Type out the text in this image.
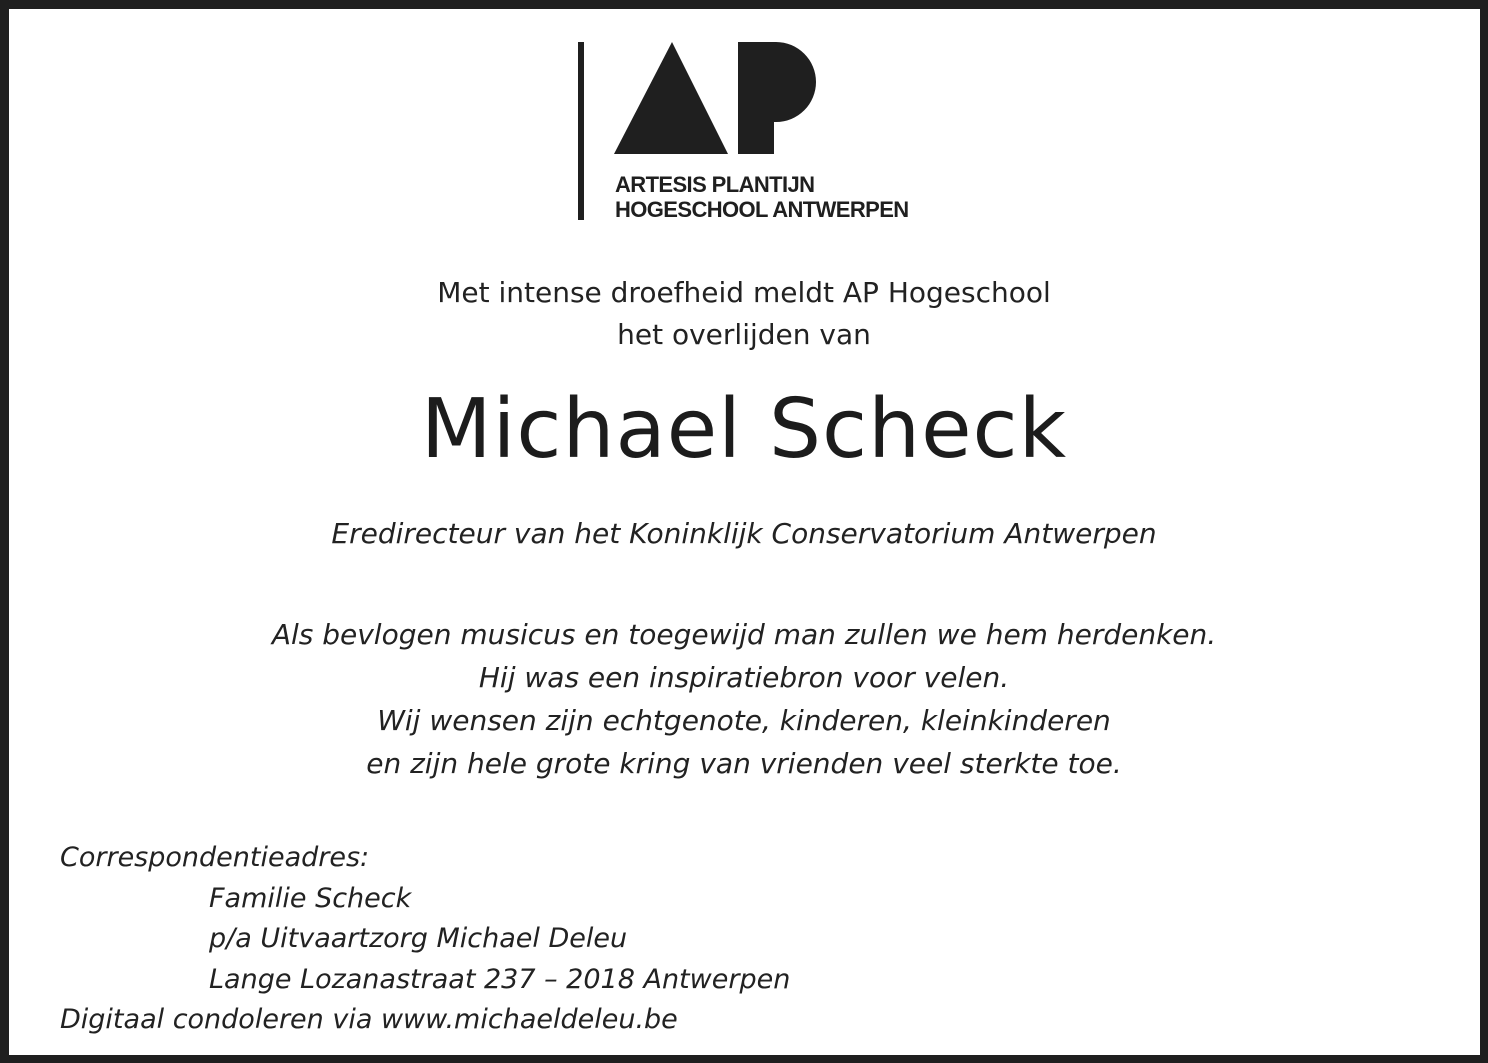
ARTESIS PLANTIJN
HOGESCHOOL ANTWERPEN
Met intense droefheid meldt AP Hogeschool
het overlijden van
Michael Scheck
Eredirecteur van het Koninklijk Conservatorium Antwerpen
Als bevlogen musicus en toegewijd man zullen we hem herdenken.
Hij was een inspiratiebron voor velen.
Wij wensen zijn echtgenote, kinderen, kleinkinderen
en zijn hele grote kring van vrienden veel sterkte toe.
Correspondentieadres:
Familie Scheck
p/a Uitvaartzorg Michael Deleu
Lange Lozanastraat 237 – 2018 Antwerpen
Digitaal condoleren via www.michaeldeleu.be
